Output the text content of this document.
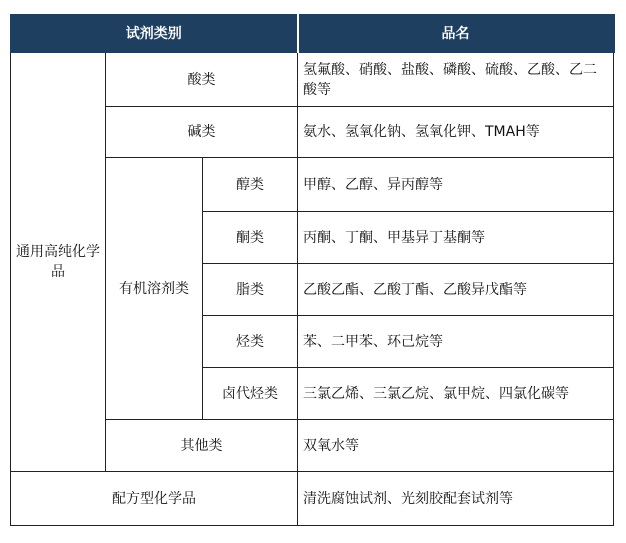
试剂类别			品名
通用高纯化学品	酸类		氢氟酸、硝酸、盐酸、磷酸、硫酸、乙酸、乙二酸等
	碱类		氨水、氢氧化钠、氢氧化钾、TMAH等
	有机溶剂类	醇类	甲醇、乙醇、异丙醇等
		酮类	丙酮、丁酮、甲基异丁基酮等
		脂类	乙酸乙酯、乙酸丁酯、乙酸异戊酯等
		烃类	苯、二甲苯、环己烷等
		卤代烃类	三氯乙烯、三氯乙烷、氯甲烷、四氯化碳等
	其他类		双氧水等
配方型化学品			清洗腐蚀试剂、光刻胶配套试剂等
